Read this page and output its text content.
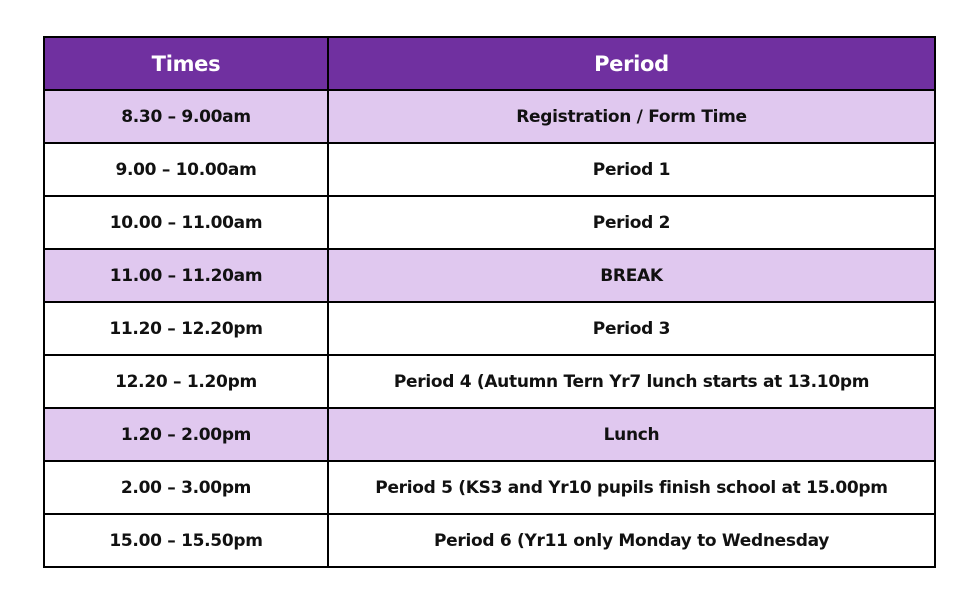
Times	Period
8.30 – 9.00am	Registration / Form Time
9.00 – 10.00am	Period 1
10.00 – 11.00am	Period 2
11.00 – 11.20am	BREAK
11.20 – 12.20pm	Period 3
12.20 – 1.20pm	Period 4 (Autumn Tern Yr7 lunch starts at 13.10pm
1.20 – 2.00pm	Lunch
2.00 – 3.00pm	Period 5 (KS3 and Yr10 pupils finish school at 15.00pm
15.00 – 15.50pm	Period 6 (Yr11 only Monday to Wednesday
